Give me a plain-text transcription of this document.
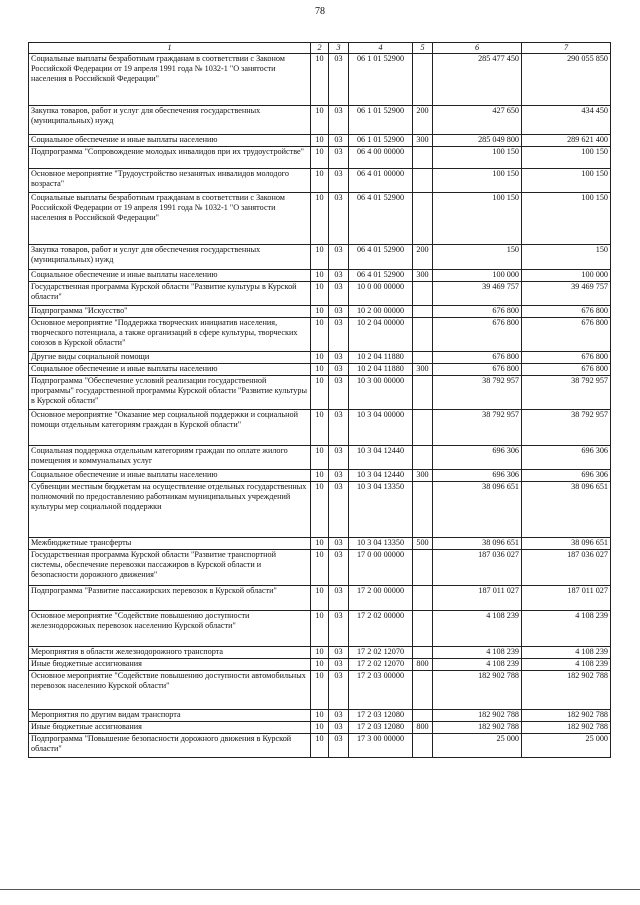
78
1	2	3	4	5	6	7
Социальные выплаты безработным гражданам в соответствии с Законом Российской Федерации от 19 апреля 1991 года № 1032-1 "О занятости населения в Российской Федерации"	10	03	06 1 01 52900		285 477 450	290 055 850
Закупка товаров, работ и услуг для обеспечения государственных (муниципальных) нужд	10	03	06 1 01 52900	200	427 650	434 450
Социальное обеспечение и иные выплаты населению	10	03	06 1 01 52900	300	285 049 800	289 621 400
Подпрограмма "Сопровождение молодых инвалидов при их трудоустройстве"	10	03	06 4 00 00000		100 150	100 150
Основное мероприятие "Трудоустройство незанятых инвалидов молодого возраста"	10	03	06 4 01 00000		100 150	100 150
Социальные выплаты безработным гражданам в соответствии с Законом Российской Федерации от 19 апреля 1991 года № 1032-1 "О занятости населения в Российской Федерации"	10	03	06 4 01 52900		100 150	100 150
Закупка товаров, работ и услуг для обеспечения государственных (муниципальных) нужд	10	03	06 4 01 52900	200	150	150
Социальное обеспечение и иные выплаты населению	10	03	06 4 01 52900	300	100 000	100 000
Государственная программа Курской области "Развитие культуры в Курской области"	10	03	10 0 00 00000		39 469 757	39 469 757
Подпрограмма "Искусство"	10	03	10 2 00 00000		676 800	676 800
Основное мероприятие "Поддержка творческих инициатив населения, творческого потенциала, а также организаций в сфере культуры, творческих союзов в Курской области"	10	03	10 2 04 00000		676 800	676 800
Другие виды социальной помощи	10	03	10 2 04 11880		676 800	676 800
Социальное обеспечение и иные выплаты населению	10	03	10 2 04 11880	300	676 800	676 800
Подпрограмма "Обеспечение условий реализации государственной программы" государственной программы Курской области "Развитие культуры в Курской области"	10	03	10 3 00 00000		38 792 957	38 792 957
Основное мероприятие "Оказание мер социальной поддержки и социальной помощи отдельным категориям граждан в Курской области"	10	03	10 3 04 00000		38 792 957	38 792 957
Социальная поддержка отдельным категориям граждан по оплате жилого помещения и коммунальных услуг	10	03	10 3 04 12440		696 306	696 306
Социальное обеспечение и иные выплаты населению	10	03	10 3 04 12440	300	696 306	696 306
Субвенции местным бюджетам на осуществление отдельных государственных полномочий по предоставлению работникам муниципальных учреждений культуры мер социальной поддержки	10	03	10 3 04 13350		38 096 651	38 096 651
Межбюджетные трансферты	10	03	10 3 04 13350	500	38 096 651	38 096 651
Государственная программа Курской области "Развитие транспортной системы, обеспечение перевозки пассажиров в Курской области и безопасности дорожного движения"	10	03	17 0 00 00000		187 036 027	187 036 027
Подпрограмма "Развитие пассажирских перевозок в Курской области"	10	03	17 2 00 00000		187 011 027	187 011 027
Основное мероприятие "Содействие повышению доступности железнодорожных перевозок населению Курской области"	10	03	17 2 02 00000		4 108 239	4 108 239
Мероприятия в области железнодорожного транспорта	10	03	17 2 02 12070		4 108 239	4 108 239
Иные бюджетные ассигнования	10	03	17 2 02 12070	800	4 108 239	4 108 239
Основное мероприятие "Содействие повышению доступности автомобильных перевозок населению Курской области"	10	03	17 2 03 00000		182 902 788	182 902 788
Мероприятия по другим видам транспорта	10	03	17 2 03 12080		182 902 788	182 902 788
Иные бюджетные ассигнования	10	03	17 2 03 12080	800	182 902 788	182 902 788
Подпрограмма "Повышение безопасности дорожного движения в Курской области"	10	03	17 3 00 00000		25 000	25 000
